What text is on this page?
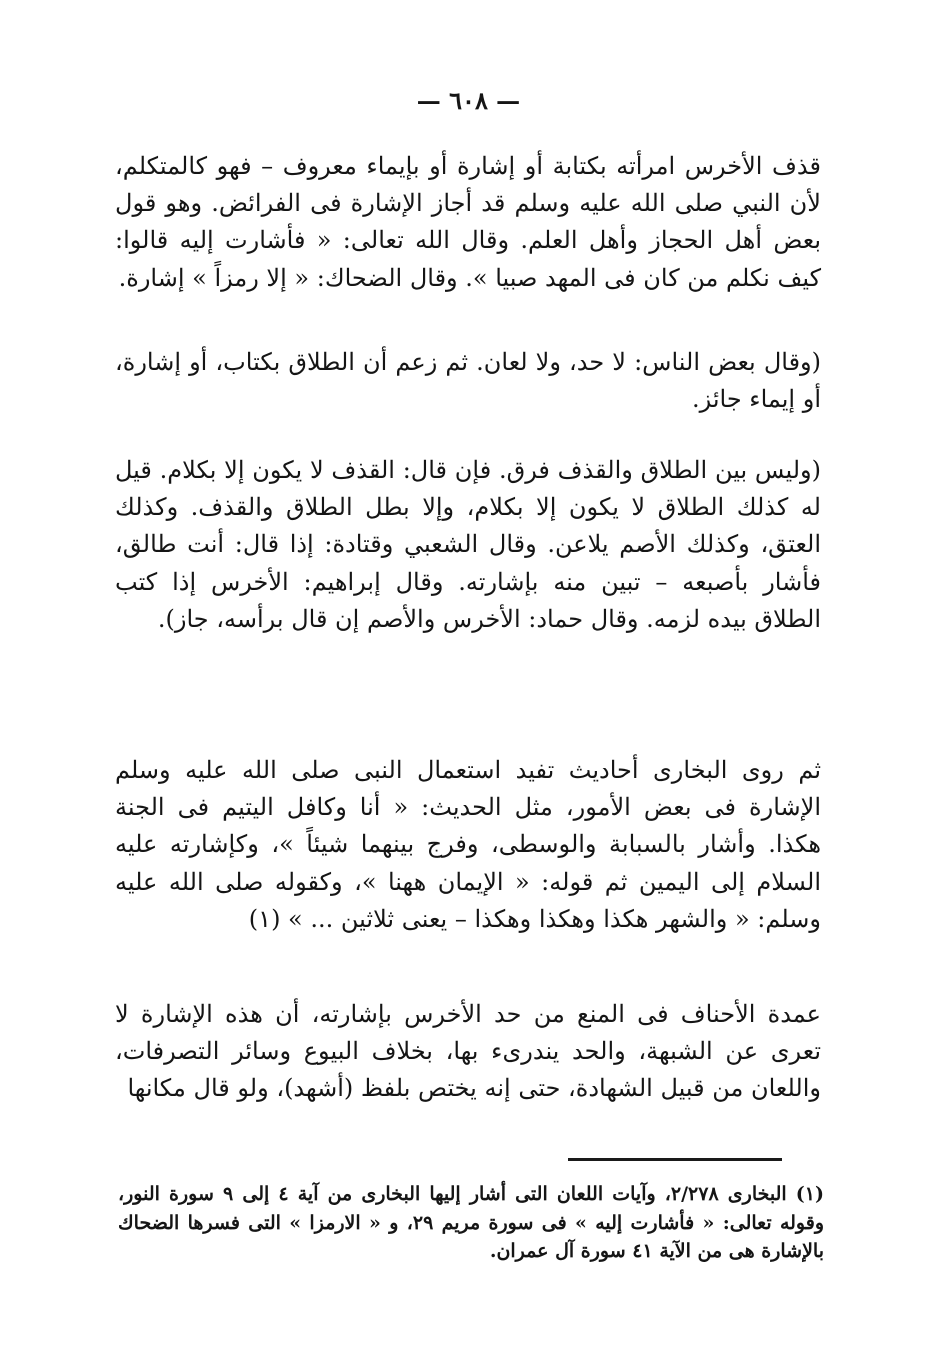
— ٦٠٨ —

قذف الأخرس امرأته بكتابة أو إشارة أو بإيماء معروف – فهو كالمتكلم، لأن النبي صلى الله عليه وسلم قد أجاز الإشارة فى الفرائض. وهو قول بعض أهل الحجاز وأهل العلم. وقال الله تعالى: « فأشارت إليه قالوا: كيف نكلم من كان فى المهد صبيا ». وقال الضحاك: « إلا رمزاً » إشارة.

(وقال بعض الناس: لا حد، ولا لعان. ثم زعم أن الطلاق بكتاب، أو إشارة، أو إيماء جائز.

(وليس بين الطلاق والقذف فرق. فإن قال: القذف لا يكون إلا بكلام. قيل له كذلك الطلاق لا يكون إلا بكلام، وإلا بطل الطلاق والقذف. وكذلك العتق، وكذلك الأصم يلاعن. وقال الشعبي وقتادة: إذا قال: أنت طالق، فأشار بأصبعه – تبين منه بإشارته. وقال إبراهيم: الأخرس إذا كتب الطلاق بيده لزمه. وقال حماد: الأخرس والأصم إن قال برأسه، جاز).

ثم روى البخارى أحاديث تفيد استعمال النبى صلى الله عليه وسلم الإشارة فى بعض الأمور، مثل الحديث: « أنا وكافل اليتيم فى الجنة هكذا. وأشار بالسبابة والوسطى، وفرج بينهما شيئاً »، وكإشارته عليه السلام إلى اليمين ثم قوله: « الإيمان ههنا »، وكقوله صلى الله عليه وسلم: « والشهر هكذا وهكذا وهكذا – يعنى ثلاثين ... » (١)

عمدة الأحناف فى المنع من حد الأخرس بإشارته، أن هذه الإشارة لا تعرى عن الشبهة، والحد يندرىء بها، بخلاف البيوع وسائر التصرفات، واللعان من قبيل الشهادة، حتى إنه يختص بلفظ (أشهد)، ولو قال مكانها

(١) البخارى ٢/٢٧٨، وآيات اللعان التى أشار إليها البخارى من آية ٤ إلى ٩ سورة النور، وقوله تعالى: « فأشارت إليه » فى سورة مريم ٢٩، و « الارمزا » التى فسرها الضحاك بالإشارة هى من الآية ٤١ سورة آل عمران.
